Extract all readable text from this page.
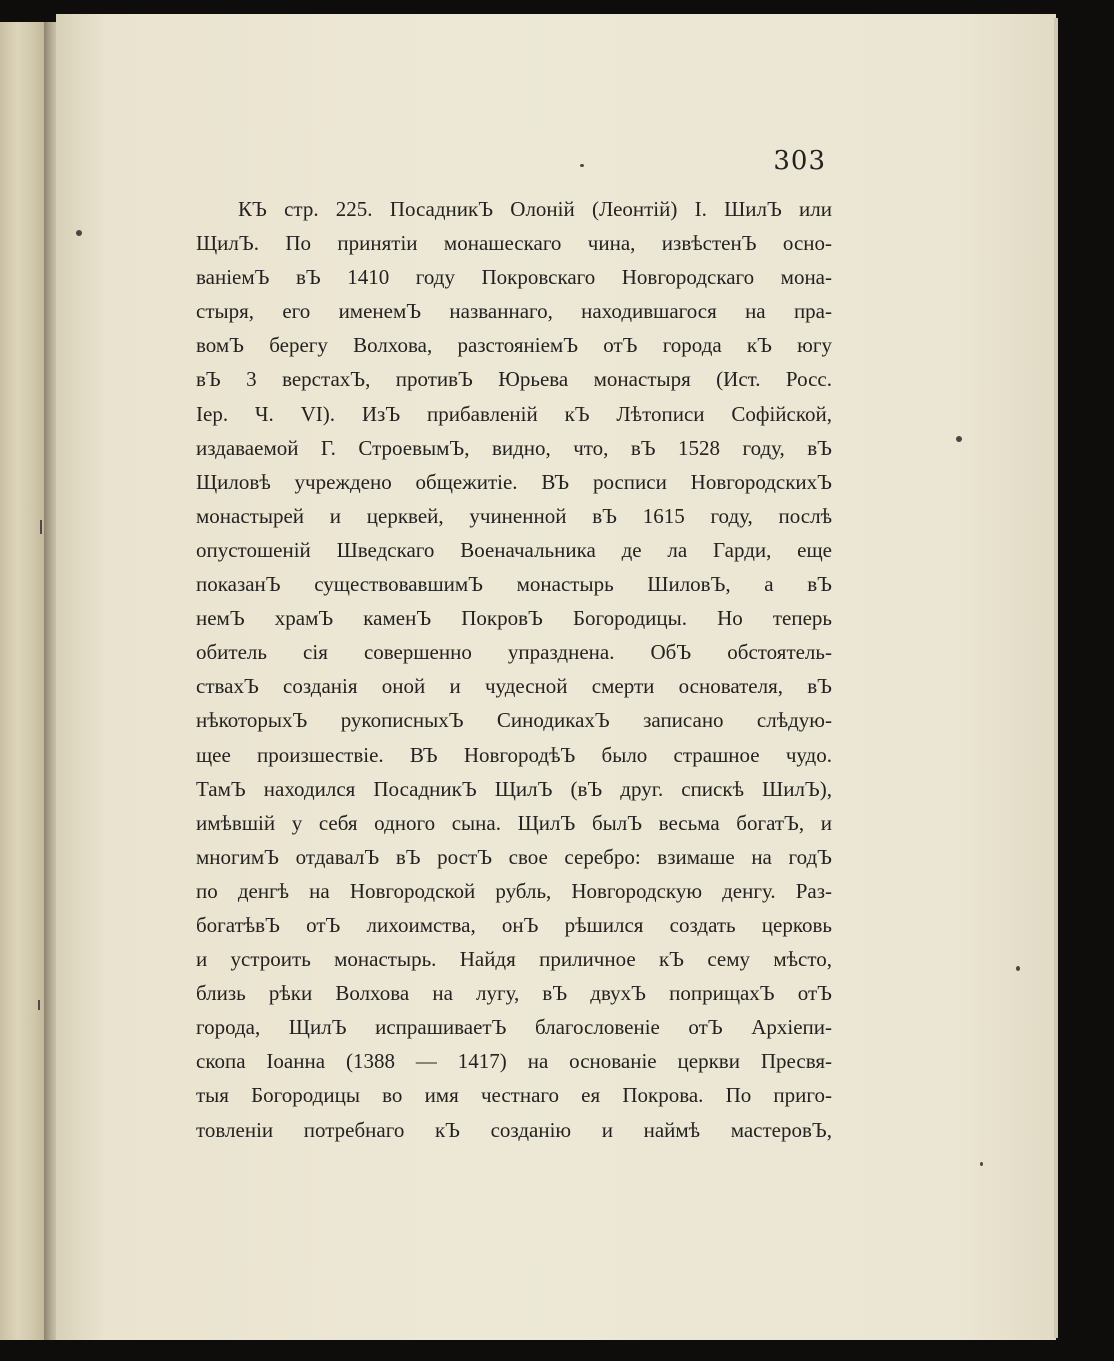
303
КЪ стр. 225. ПосадникЪ Олоній (Леонтій) I. ШилЪ или
ЩилЪ. По принятіи монашескаго чина, извѣстенЪ осно-
ваніемЪ вЪ 1410 году Покровскаго Новгородскаго мона-
стыря, его именемЪ названнаго, находившагося на пра-
вомЪ берегу Волхова, разстояніемЪ отЪ города кЪ югу
вЪ 3 верстахЪ, противЪ Юрьева монастыря (Ист. Росс.
Iер. Ч. VI). ИзЪ прибавленій кЪ Лѣтописи Софійской,
издаваемой Г. СтроевымЪ, видно, что, вЪ 1528 году, вЪ
Щиловѣ учреждено общежитіе. ВЪ росписи НовгородскихЪ
монастырей и церквей, учиненной вЪ 1615 году, послѣ
опустошеній Шведскаго Военачальника де ла Гарди, еще
показанЪ существовавшимЪ монастырь ШиловЪ, а вЪ
немЪ храмЪ каменЪ ПокровЪ Богородицы. Но теперь
обитель сія совершенно упразднена. ОбЪ обстоятель-
ствахЪ созданія оной и чудесной смерти основателя, вЪ
нѣкоторыхЪ рукописныхЪ СинодикахЪ записано слѣдую-
щее произшествіе. ВЪ НовгородѣЪ было страшное чудо.
ТамЪ находился ПосадникЪ ЩилЪ (вЪ друг. спискѣ ШилЪ),
имѣвшій у себя одного сына. ЩилЪ былЪ весьма богатЪ, и
многимЪ отдавалЪ вЪ ростЪ свое серебро: взимаше на годЪ
по денгѣ на Новгородской рубль, Новгородскую денгу. Раз-
богатѣвЪ отЪ лихоимства, онЪ рѣшился создать церковь
и устроить монастырь. Найдя приличное кЪ сему мѣсто,
близь рѣки Волхова на лугу, вЪ двухЪ поприщахЪ отЪ
города, ЩилЪ испрашиваетЪ благословеніе отЪ Архіепи-
скопа Iоанна (1388 — 1417) на основаніе церкви Пресвя-
тыя Богородицы во имя честнаго ея Покрова. По приго-
товленіи потребнаго кЪ созданію и наймѣ мастеровЪ,
